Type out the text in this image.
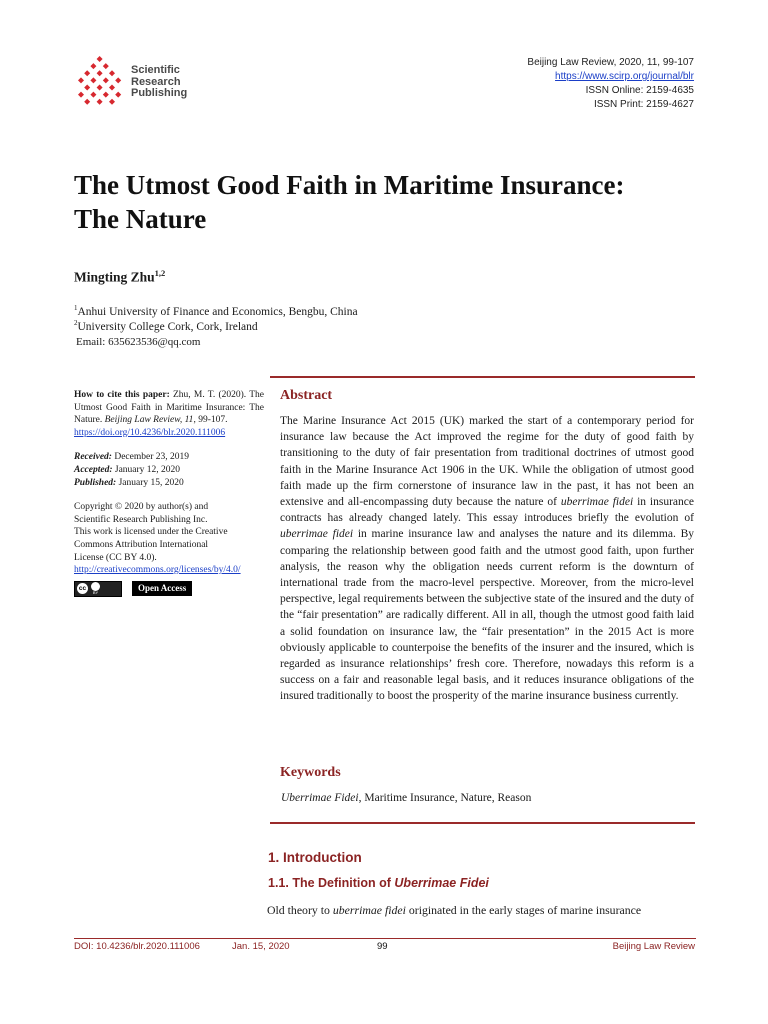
Scientific
Research
Publishing
Beijing Law Review, 2020, 11, 99-107
https://www.scirp.org/journal/blr
ISSN Online: 2159-4635
ISSN Print: 2159-4627
The Utmost Good Faith in Maritime Insurance:
The Nature
Mingting Zhu$^{1,2}$
$^1$Anhui University of Finance and Economics, Bengbu, China
$^2$University College Cork, Cork, Ireland
Email: 635623536@qq.com

How to cite this paper: Zhu, M. T. (2020). The Utmost Good Faith in Maritime Insurance: The Nature. Beijing Law Review, 11, 99-107.
https://doi.org/10.4236/blr.2020.111006

Received: December 23, 2019
Accepted: January 12, 2020
Published: January 15, 2020

Copyright © 2020 by author(s) and
Scientific Research Publishing Inc.
This work is licensed under the Creative
Commons Attribution International
License (CC BY 4.0).
http://creativecommons.org/licenses/by/4.0/

cc
BY	Open Access
Abstract

The Marine Insurance Act 2015 (UK) marked the start of a contemporary period for insurance law because the Act improved the regime for the duty of good faith by transitioning to the duty of fair presentation from traditional doctrines of utmost good faith in the Marine Insurance Act 1906 in the UK. While the obligation of utmost good faith made up the firm cornerstone of insurance law in the past, it has not been an extensive and all-encompassing duty because the nature of uberrimae fidei in insurance contracts has already changed lately. This essay introduces briefly the evolution of uberrimae fidei in marine insurance law and analyses the nature and its dilemma. By comparing the relationship between good faith and the utmost good faith, upon further analysis, the reason why the obligation needs current reform is the downturn of international trade from the macro-level perspective. Moreover, from the micro-level perspective, legal requirements between the subjective state of the insured and the duty of the “fair presentation” are radically different. All in all, though the utmost good faith laid a solid foundation on insurance law, the “fair presentation” in the 2015 Act is more obviously applicable to counterpoise the benefits of the insurer and the insured, which is regarded as insurance relationships’ fresh core. Therefore, nowadays this reform is a success on a fair and reasonable legal basis, and it reduces insurance obligations of the insured traditionally to boost the prosperity of the marine insurance business currently.

Keywords
Uberrimae Fidei, Maritime Insurance, Nature, Reason
1. Introduction
1.1. The Definition of Uberrimae Fidei
Old theory to uberrimae fidei originated in the early stages of marine insurance
DOI: 10.4236/blr.2020.111006	Jan. 15, 2020	99	Beijing Law Review
